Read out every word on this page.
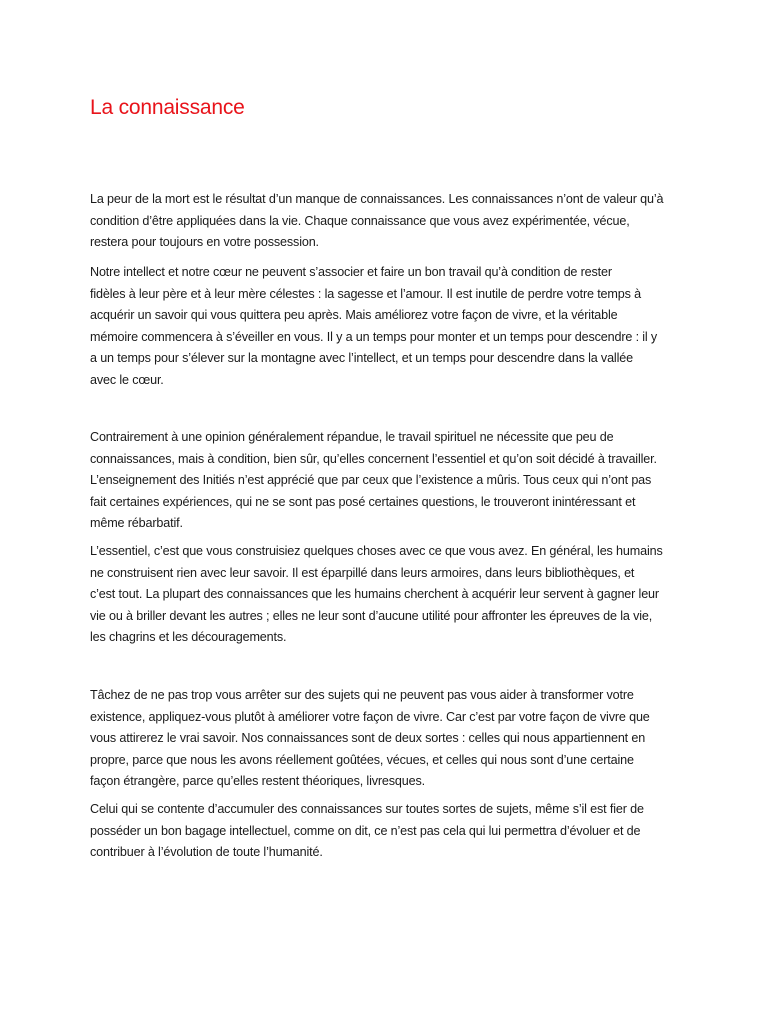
La connaissance

La peur de la mort est le résultat d’un manque de connaissances. Les connaissances n’ont de valeur qu’à
condition d’être appliquées dans la vie. Chaque connaissance que vous avez expérimentée, vécue,
restera pour toujours en votre possession.

Notre intellect et notre cœur ne peuvent s’associer et faire un bon travail qu’à condition de rester
fidèles à leur père et à leur mère célestes : la sagesse et l’amour. Il est inutile de perdre votre temps à
acquérir un savoir qui vous quittera peu après. Mais améliorez votre façon de vivre, et la véritable
mémoire commencera à s’éveiller en vous. Il y a un temps pour monter et un temps pour descendre : il y
a un temps pour s’élever sur la montagne avec l’intellect, et un temps pour descendre dans la vallée
avec le cœur.

Contrairement à une opinion généralement répandue, le travail spirituel ne nécessite que peu de
connaissances, mais à condition, bien sûr, qu’elles concernent l’essentiel et qu’on soit décidé à travailler.
L’enseignement des Initiés n’est apprécié que par ceux que l’existence a mûris. Tous ceux qui n’ont pas
fait certaines expériences, qui ne se sont pas posé certaines questions, le trouveront inintéressant et
même rébarbatif.

L’essentiel, c’est que vous construisiez quelques choses avec ce que vous avez. En général, les humains
ne construisent rien avec leur savoir. Il est éparpillé dans leurs armoires, dans leurs bibliothèques, et
c’est tout. La plupart des connaissances que les humains cherchent à acquérir leur servent à gagner leur
vie ou à briller devant les autres ; elles ne leur sont d’aucune utilité pour affronter les épreuves de la vie,
les chagrins et les découragements.

Tâchez de ne pas trop vous arrêter sur des sujets qui ne peuvent pas vous aider à transformer votre
existence, appliquez-vous plutôt à améliorer votre façon de vivre. Car c’est par votre façon de vivre que
vous attirerez le vrai savoir. Nos connaissances sont de deux sortes : celles qui nous appartiennent en
propre, parce que nous les avons réellement goûtées, vécues, et celles qui nous sont d’une certaine
façon étrangère, parce qu’elles restent théoriques, livresques.

Celui qui se contente d’accumuler des connaissances sur toutes sortes de sujets, même s’il est fier de
posséder un bon bagage intellectuel, comme on dit, ce n’est pas cela qui lui permettra d’évoluer et de
contribuer à l’évolution de toute l’humanité.
